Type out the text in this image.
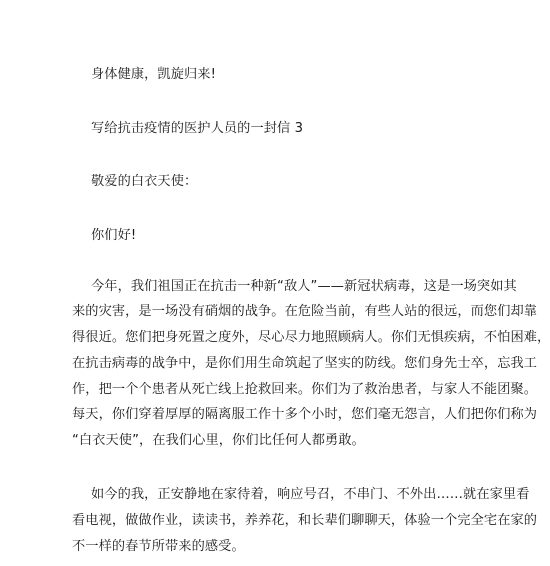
身体健康，凯旋归来!
写给抗击疫情的医护人员的一封信 3
敬爱的白衣天使：
你们好!
今年，我们祖国正在抗击一种新“敌人”——新冠状病毒，这是一场突如其
来的灾害，是一场没有硝烟的战争。在危险当前，有些人站的很远，而您们却靠
得很近。您们把身死置之度外，尽心尽力地照顾病人。你们无惧疾病，不怕困难，
在抗击病毒的战争中，是你们用生命筑起了坚实的防线。您们身先士卒，忘我工
作，把一个个患者从死亡线上抢救回来。你们为了救治患者，与家人不能团聚。
每天，你们穿着厚厚的隔离服工作十多个小时，您们毫无怨言，人们把你们称为
“白衣天使”，在我们心里，你们比任何人都勇敢。
如今的我，正安静地在家待着，响应号召，不串门、不外出……就在家里看
看电视，做做作业，读读书，养养花，和长辈们聊聊天，体验一个完全宅在家的
不一样的春节所带来的感受。
